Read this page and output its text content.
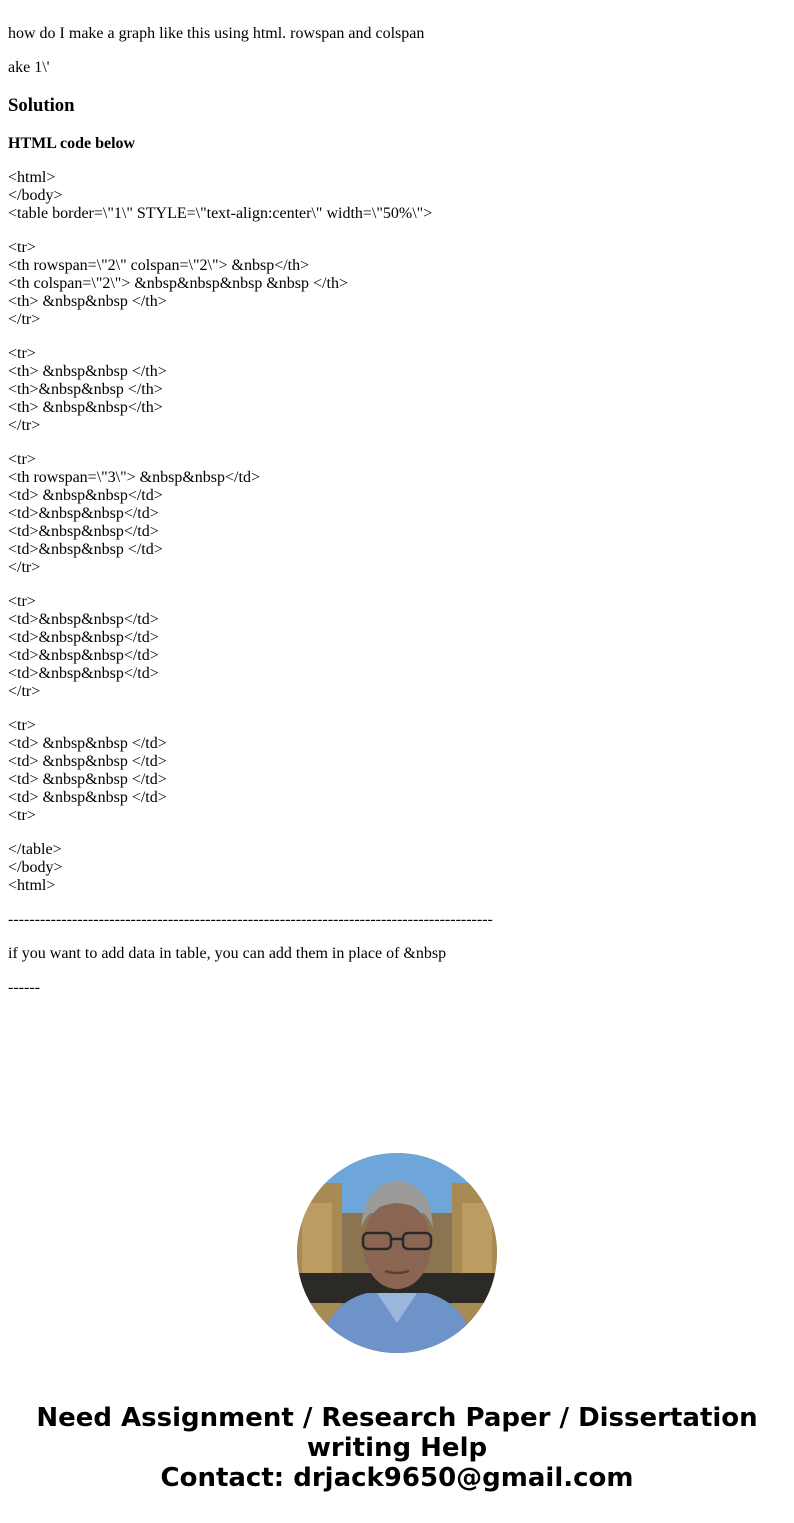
how do I make a graph like this using html. rowspan and colspan

ake 1\'

Solution
HTML code below
<html>
</body>
<table border=\"1\" STYLE=\"text-align:center\" width=\"50%\">
<tr>
<th rowspan=\"2\" colspan=\"2\"> &nbsp</th>
<th colspan=\"2\"> &nbsp&nbsp&nbsp &nbsp </th>
<th> &nbsp&nbsp </th>
</tr>
<tr>
<th> &nbsp&nbsp </th>
<th>&nbsp&nbsp </th>
<th> &nbsp&nbsp</th>
</tr>
<tr>
<th rowspan=\"3\"> &nbsp&nbsp</td>
<td> &nbsp&nbsp</td>
<td>&nbsp&nbsp</td>
<td>&nbsp&nbsp</td>
<td>&nbsp&nbsp </td>
</tr>
<tr>
<td>&nbsp&nbsp</td>
<td>&nbsp&nbsp</td>
<td>&nbsp&nbsp</td>
<td>&nbsp&nbsp</td>
</tr>
<tr>
<td> &nbsp&nbsp </td>
<td> &nbsp&nbsp </td>
<td> &nbsp&nbsp </td>
<td> &nbsp&nbsp </td>
<tr>
</table>
</body>
<html>

-------------------------------------------------------------------------------------------

if you want to add data in table, you can add them in place of &nbsp

------

Need Assignment / Research Paper / Dissertation
writing Help
Contact: drjack9650@gmail.com
